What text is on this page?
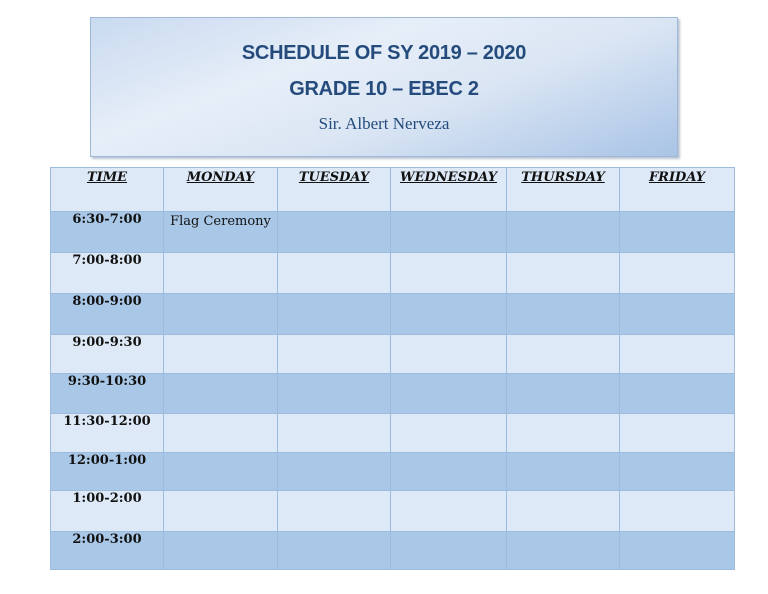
SCHEDULE OF SY 2019 – 2020
GRADE 10 – EBEC 2
Sir. Albert Nerveza
TIME	MONDAY	TUESDAY	WEDNESDAY	THURSDAY	FRIDAY
6:30-7:00	Flag Ceremony				
7:00-8:00					
8:00-9:00					
9:00-9:30					
9:30-10:30					
11:30-12:00					
12:00-1:00					
1:00-2:00					
2:00-3:00					
